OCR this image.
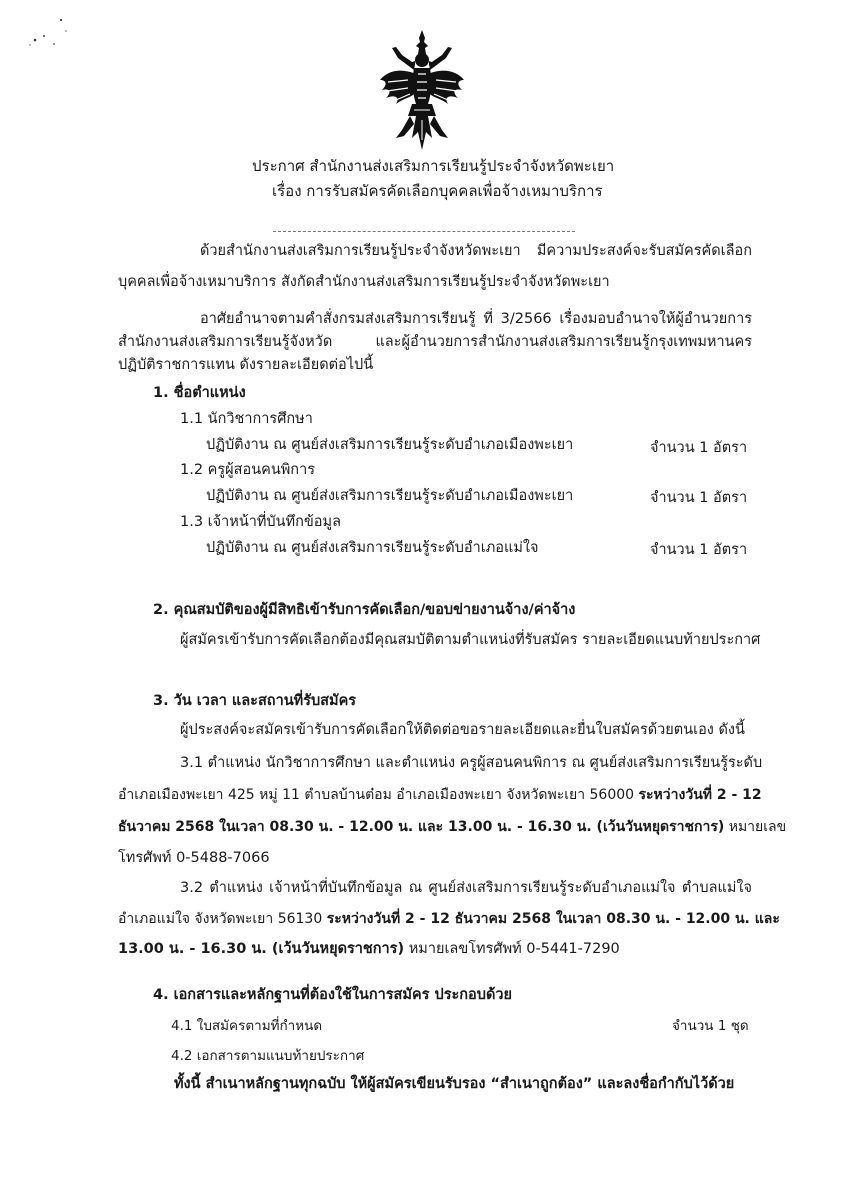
ประกาศ สำนักงานส่งเสริมการเรียนรู้ประจำจังหวัดพะเยา
เรื่อง การรับสมัครคัดเลือกบุคคลเพื่อจ้างเหมาบริการ
ด้วยสำนักงานส่งเสริมการเรียนรู้ประจำจังหวัดพะเยา มีความประสงค์จะรับสมัครคัดเลือก
บุคคลเพื่อจ้างเหมาบริการ สังกัดสำนักงานส่งเสริมการเรียนรู้ประจำจังหวัดพะเยา
อาศัยอำนาจตามคำสั่งกรมส่งเสริมการเรียนรู้ ที่ 3/2566 เรื่องมอบอำนาจให้ผู้อำนวยการ
สำนักงานส่งเสริมการเรียนรู้จังหวัด และผู้อำนวยการสำนักงานส่งเสริมการเรียนรู้กรุงเทพมหานคร
ปฏิบัติราชการแทน ดังรายละเอียดต่อไปนี้
1. ชื่อตำแหน่ง
1.1 นักวิชาการศึกษา
ปฏิบัติงาน ณ ศูนย์ส่งเสริมการเรียนรู้ระดับอำเภอเมืองพะเยา	จำนวน 1 อัตรา
1.2 ครูผู้สอนคนพิการ
ปฏิบัติงาน ณ ศูนย์ส่งเสริมการเรียนรู้ระดับอำเภอเมืองพะเยา	จำนวน 1 อัตรา
1.3 เจ้าหน้าที่บันทึกข้อมูล
ปฏิบัติงาน ณ ศูนย์ส่งเสริมการเรียนรู้ระดับอำเภอแม่ใจ	จำนวน 1 อัตรา
2. คุณสมบัติของผู้มีสิทธิเข้ารับการคัดเลือก/ขอบข่ายงานจ้าง/ค่าจ้าง
ผู้สมัครเข้ารับการคัดเลือกต้องมีคุณสมบัติตามตำแหน่งที่รับสมัคร รายละเอียดแนบท้ายประกาศ
3. วัน เวลา และสถานที่รับสมัคร
ผู้ประสงค์จะสมัครเข้ารับการคัดเลือกให้ติดต่อขอรายละเอียดและยื่นใบสมัครด้วยตนเอง ดังนี้
3.1 ตำแหน่ง นักวิชาการศึกษา และตำแหน่ง ครูผู้สอนคนพิการ ณ ศูนย์ส่งเสริมการเรียนรู้ระดับ
อำเภอเมืองพะเยา 425 หมู่ 11 ตำบลบ้านต๋อม อำเภอเมืองพะเยา จังหวัดพะเยา 56000 ระหว่างวันที่ 2 - 12
ธันวาคม 2568 ในเวลา 08.30 น. - 12.00 น. และ 13.00 น. - 16.30 น. (เว้นวันหยุดราชการ) หมายเลข
โทรศัพท์ 0-5488-7066
3.2 ตำแหน่ง เจ้าหน้าที่บันทึกข้อมูล ณ ศูนย์ส่งเสริมการเรียนรู้ระดับอำเภอแม่ใจ ตำบลแม่ใจ
อำเภอแม่ใจ จังหวัดพะเยา 56130 ระหว่างวันที่ 2 - 12 ธันวาคม 2568 ในเวลา 08.30 น. - 12.00 น. และ
13.00 น. - 16.30 น. (เว้นวันหยุดราชการ) หมายเลขโทรศัพท์ 0-5441-7290
4. เอกสารและหลักฐานที่ต้องใช้ในการสมัคร ประกอบด้วย
4.1 ใบสมัครตามที่กำหนด	จำนวน 1 ชุด
4.2 เอกสารตามแนบท้ายประกาศ
ทั้งนี้ สำเนาหลักฐานทุกฉบับ ให้ผู้สมัครเขียนรับรอง “สำเนาถูกต้อง” และลงชื่อกำกับไว้ด้วย
